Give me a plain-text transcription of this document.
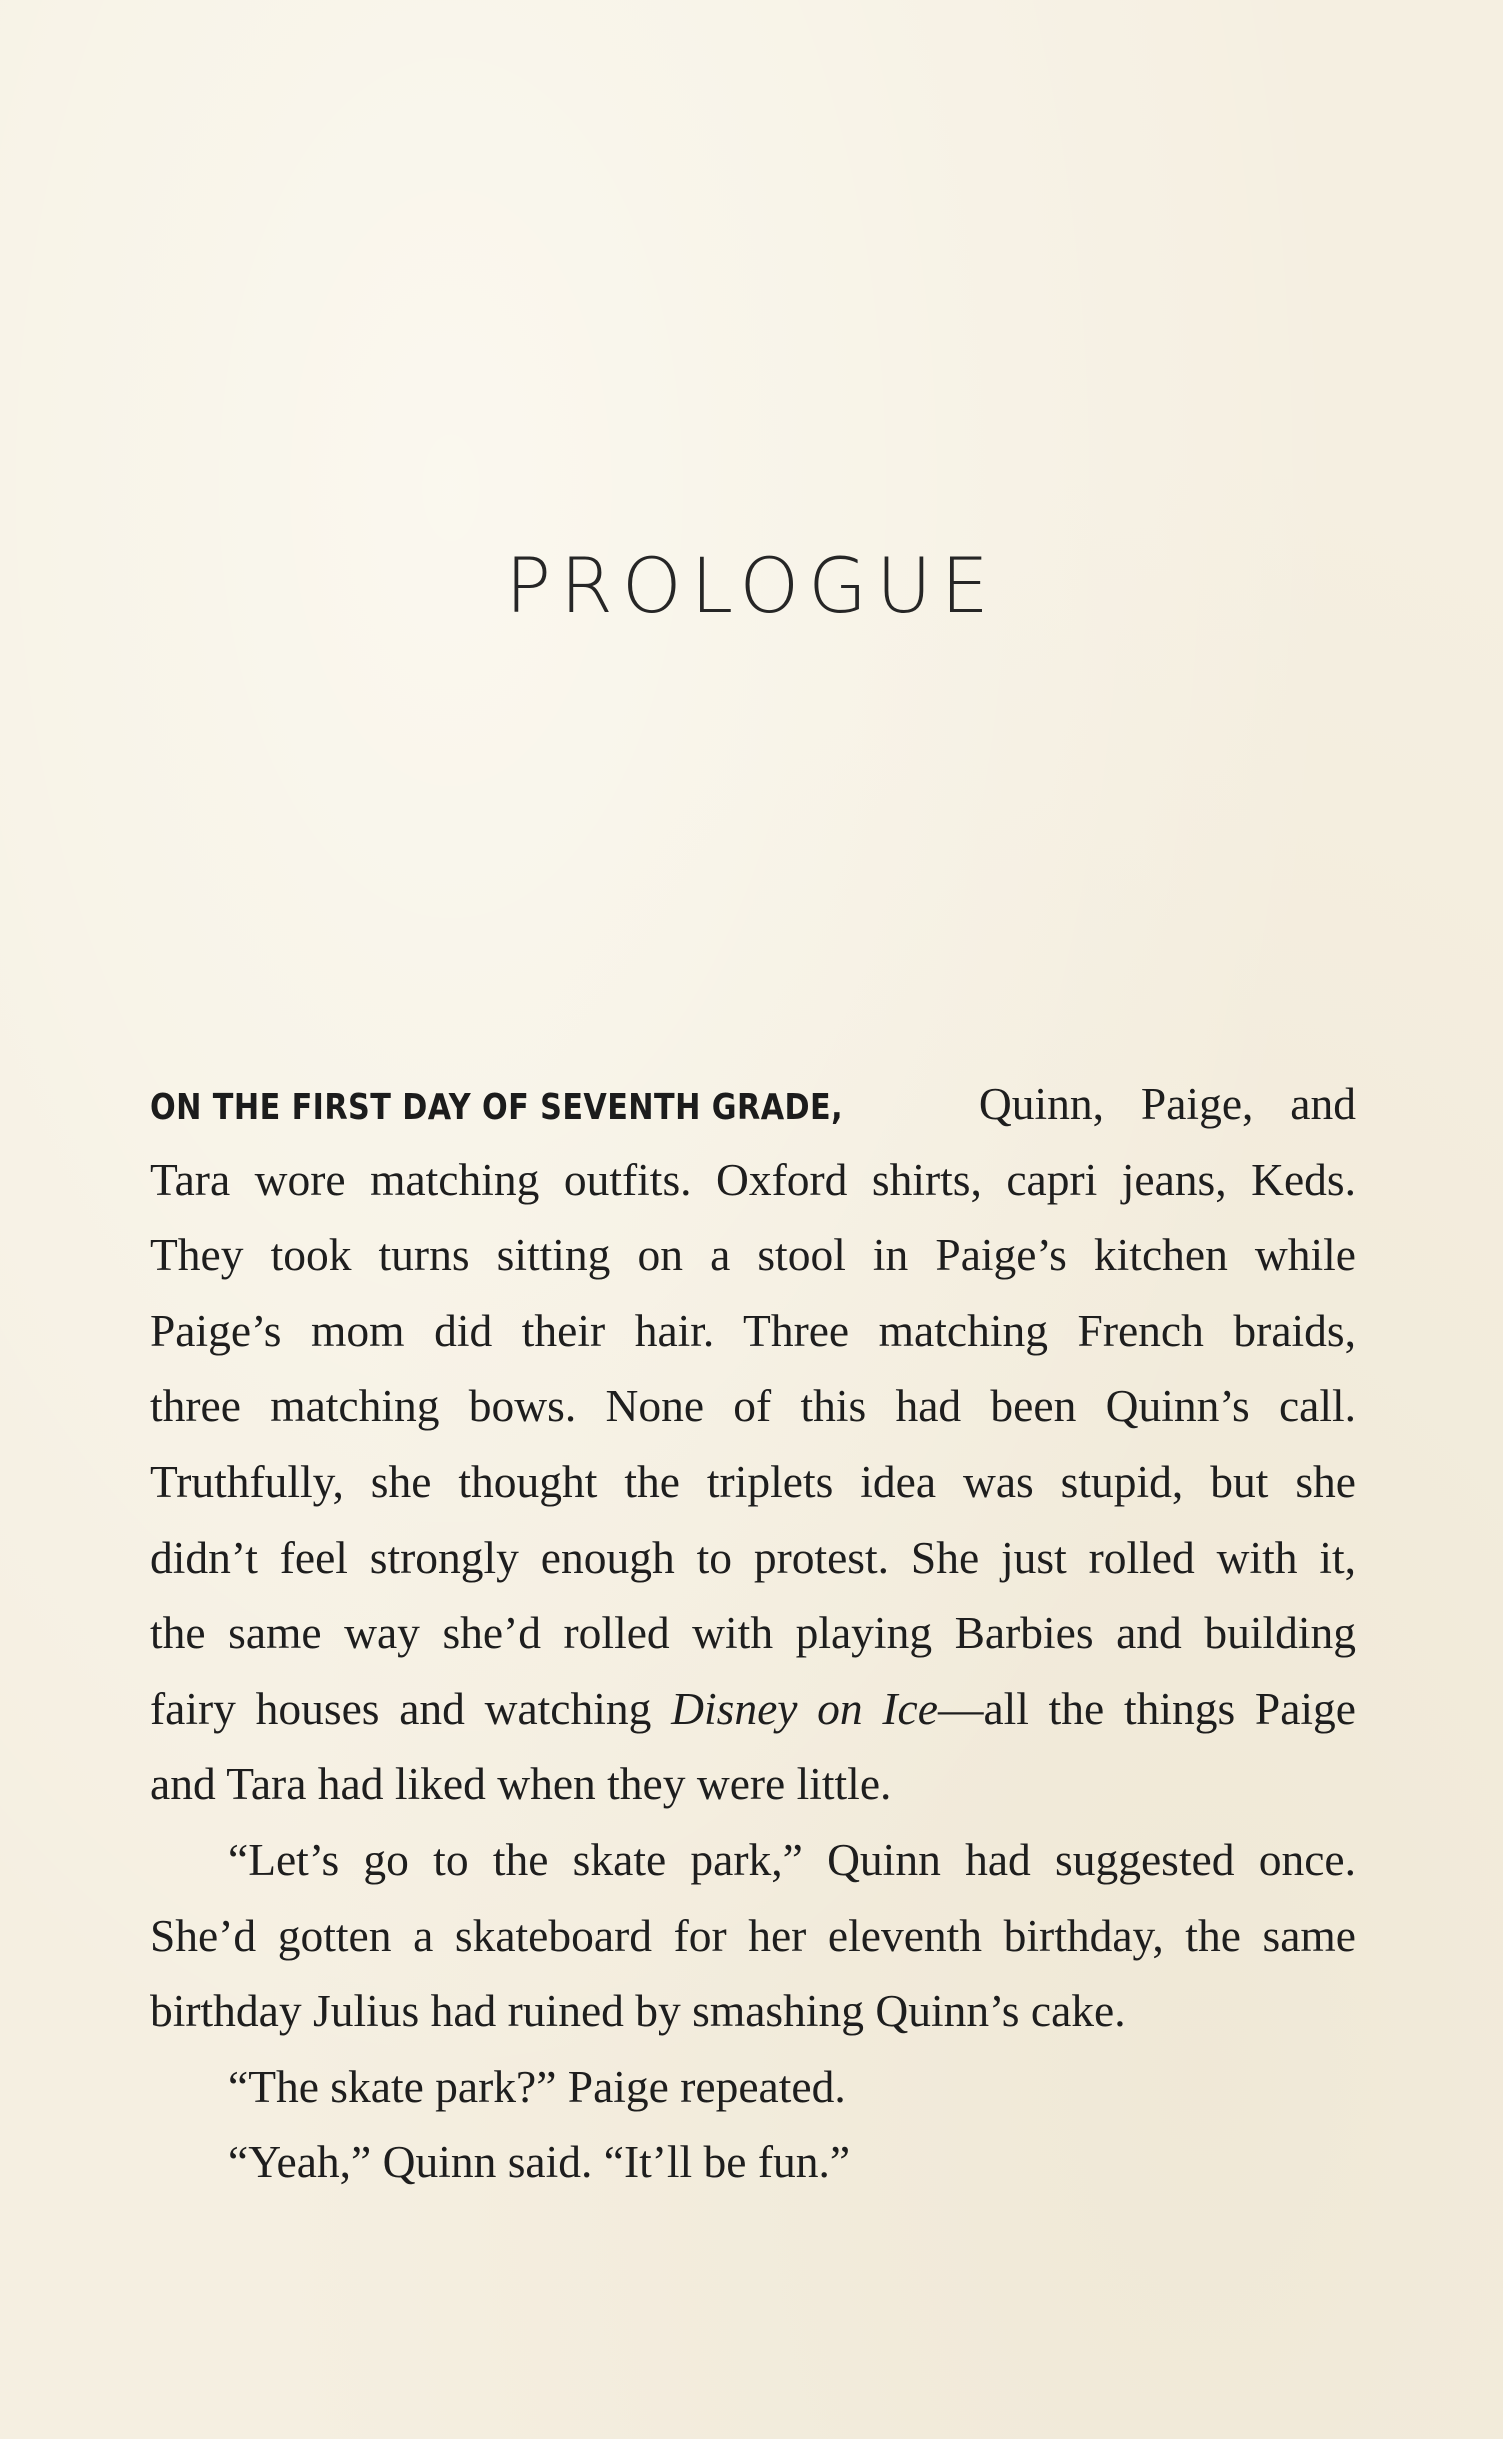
PROLOGUE
ON THE FIRST DAY OF SEVENTH GRADE, Quinn, Paige, and
Tara wore matching outfits. Oxford shirts, capri jeans, Keds.
They took turns sitting on a stool in Paige’s kitchen while
Paige’s mom did their hair. Three matching French braids,
three matching bows. None of this had been Quinn’s call.
Truthfully, she thought the triplets idea was stupid, but she
didn’t feel strongly enough to protest. She just rolled with it,
the same way she’d rolled with playing Barbies and building
fairy houses and watching Disney on Ice—all the things Paige
and Tara had liked when they were little.
“Let’s go to the skate park,” Quinn had suggested once.
She’d gotten a skateboard for her eleventh birthday, the same
birthday Julius had ruined by smashing Quinn’s cake.
“The skate park?” Paige repeated.
“Yeah,” Quinn said. “It’ll be fun.”
